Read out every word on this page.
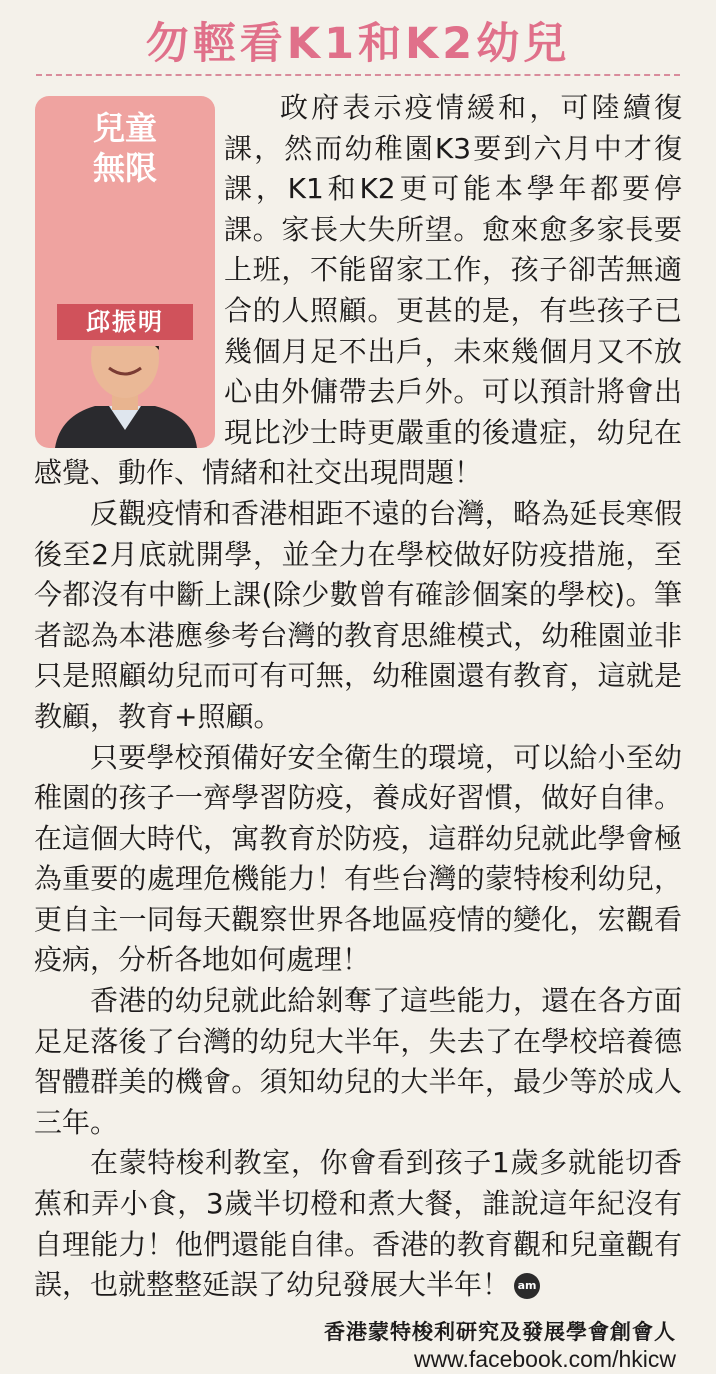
勿輕看K1和K2幼兒
兒童
無限
邱振明

政府表示疫情緩和，可陸續復課，然而幼稚園K3要到六月中才復課，K1和K2更可能本學年都要停課。家長大失所望。愈來愈多家長要上班，不能留家工作，孩子卻苦無適合的人照顧。更甚的是，有些孩子已幾個月足不出戶，未來幾個月又不放心由外傭帶去戶外。可以預計將會出現比沙士時更嚴重的後遺症，幼兒在感覺、動作、情緒和社交出現問題！

反觀疫情和香港相距不遠的台灣，略為延長寒假後至2月底就開學，並全力在學校做好防疫措施，至今都沒有中斷上課(除少數曾有確診個案的學校)。筆者認為本港應參考台灣的教育思維模式，幼稚園並非只是照顧幼兒而可有可無，幼稚園還有教育，這就是教顧，教育+照顧。

只要學校預備好安全衛生的環境，可以給小至幼稚園的孩子一齊學習防疫，養成好習慣，做好自律。在這個大時代，寓教育於防疫，這群幼兒就此學會極為重要的處理危機能力！有些台灣的蒙特梭利幼兒，更自主一同每天觀察世界各地區疫情的變化，宏觀看疫病，分析各地如何處理！

香港的幼兒就此給剝奪了這些能力，還在各方面足足落後了台灣的幼兒大半年，失去了在學校培養德智體群美的機會。須知幼兒的大半年，最少等於成人三年。

在蒙特梭利教室，你會看到孩子1歲多就能切香蕉和弄小食，3歲半切橙和煮大餐，誰說這年紀沒有自理能力！他們還能自律。香港的教育觀和兒童觀有誤，也就整整延誤了幼兒發展大半年！ am

香港蒙特梭利研究及發展學會創會人
www.facebook.com/hkicw
